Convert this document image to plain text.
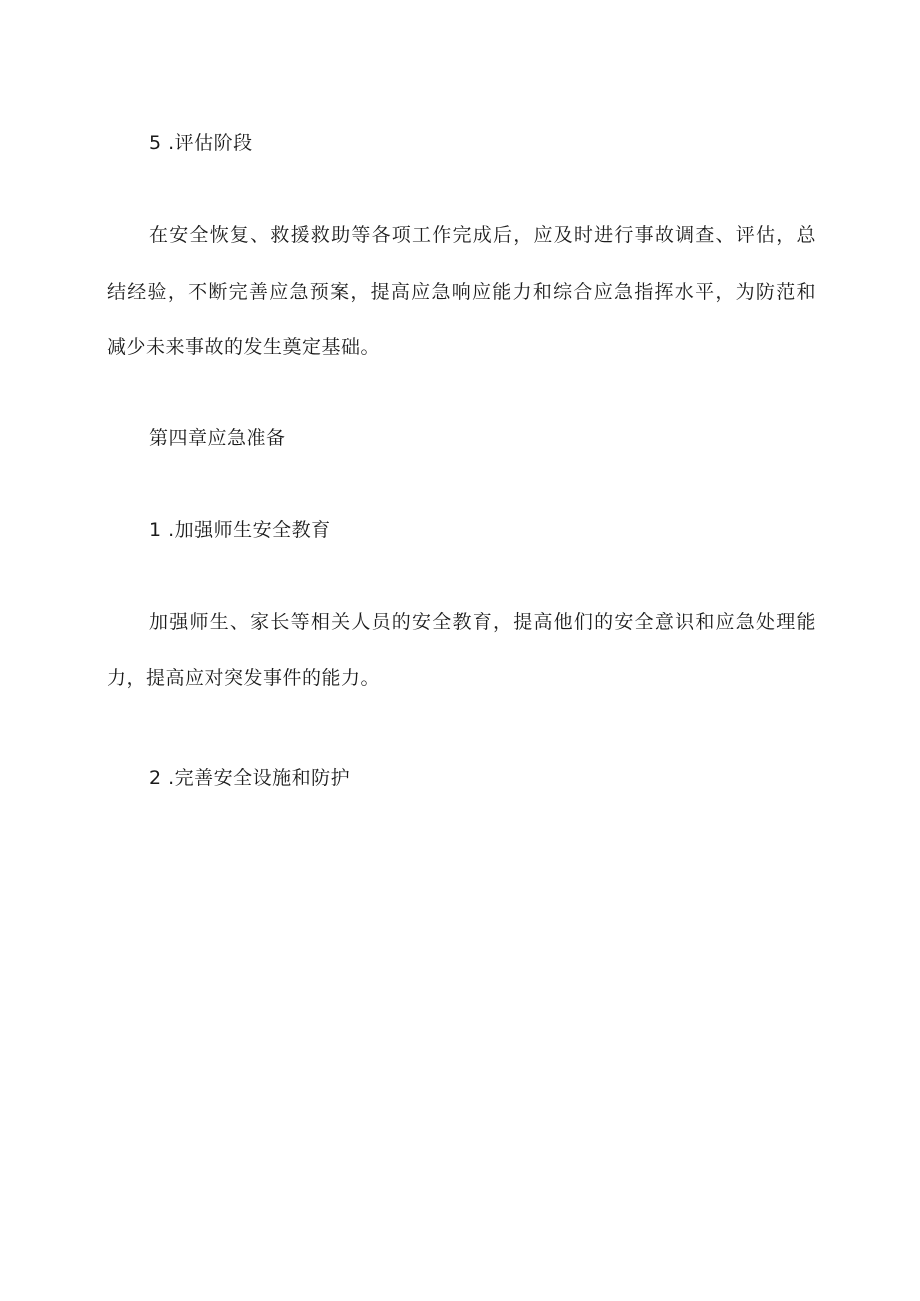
5 .评估阶段

在安全恢复、救援救助等各项工作完成后，应及时进行事故调查、评估，总

结经验，不断完善应急预案，提高应急响应能力和综合应急指挥水平，为防范和

减少未来事故的发生奠定基础。

第四章应急准备

1 .加强师生安全教育

加强师生、家长等相关人员的安全教育，提高他们的安全意识和应急处理能

力，提高应对突发事件的能力。

2 .完善安全设施和防护
